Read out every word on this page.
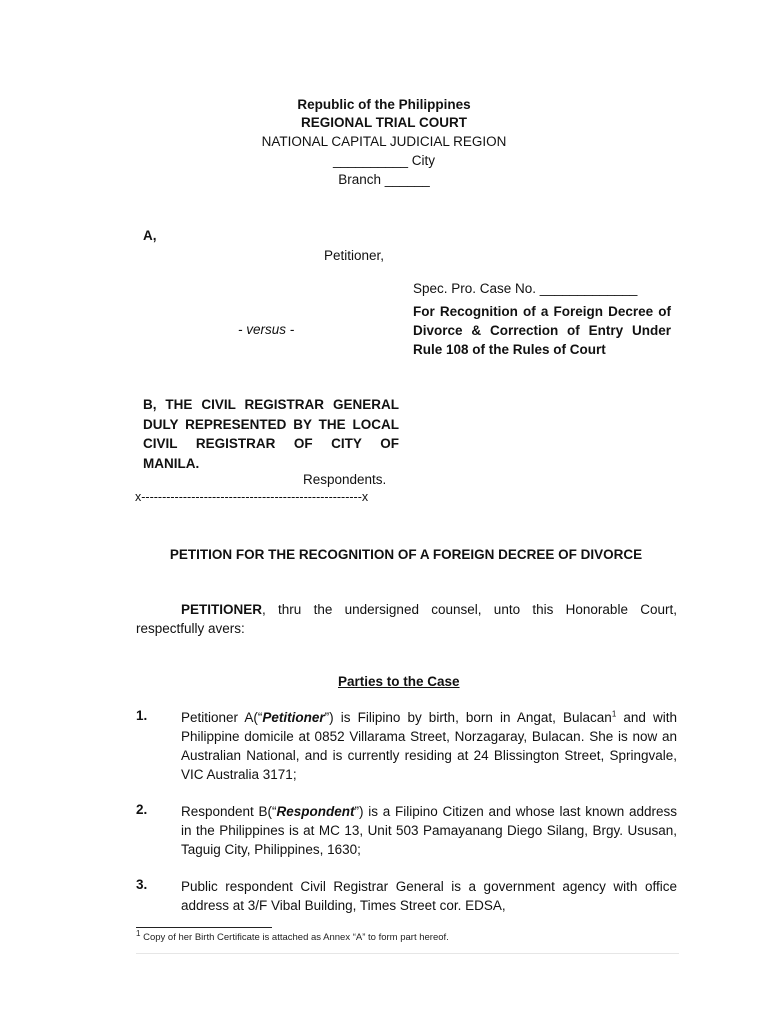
Republic of the Philippines
REGIONAL TRIAL COURT
NATIONAL CAPITAL JUDICIAL REGION
__________ City
Branch ______
A,
Petitioner,
Spec. Pro. Case No. _____________
For Recognition of a Foreign Decree of Divorce & Correction of Entry Under Rule 108 of the Rules of Court
- versus -
B, THE CIVIL REGISTRAR GENERAL DULY REPRESENTED BY THE LOCAL CIVIL REGISTRAR OF CITY OF MANILA.
Respondents.
x-----------------------------------------------------x
PETITION FOR THE RECOGNITION OF A FOREIGN DECREE OF DIVORCE
PETITIONER, thru the undersigned counsel, unto this Honorable Court, respectfully avers:
Parties to the Case
1. Petitioner A(“Petitioner”) is Filipino by birth, born in Angat, Bulacan$^1$ and with Philippine domicile at 0852 Villarama Street, Norzagaray, Bulacan. She is now an Australian National, and is currently residing at 24 Blissington Street, Springvale, VIC Australia 3171;
2. Respondent B(“Respondent”) is a Filipino Citizen and whose last known address in the Philippines is at MC 13, Unit 503 Pamayanang Diego Silang, Brgy. Ususan, Taguig City, Philippines, 1630;
3. Public respondent Civil Registrar General is a government agency with office address at 3/F Vibal Building, Times Street cor. EDSA,
$^1$ Copy of her Birth Certificate is attached as Annex “A” to form part hereof.
